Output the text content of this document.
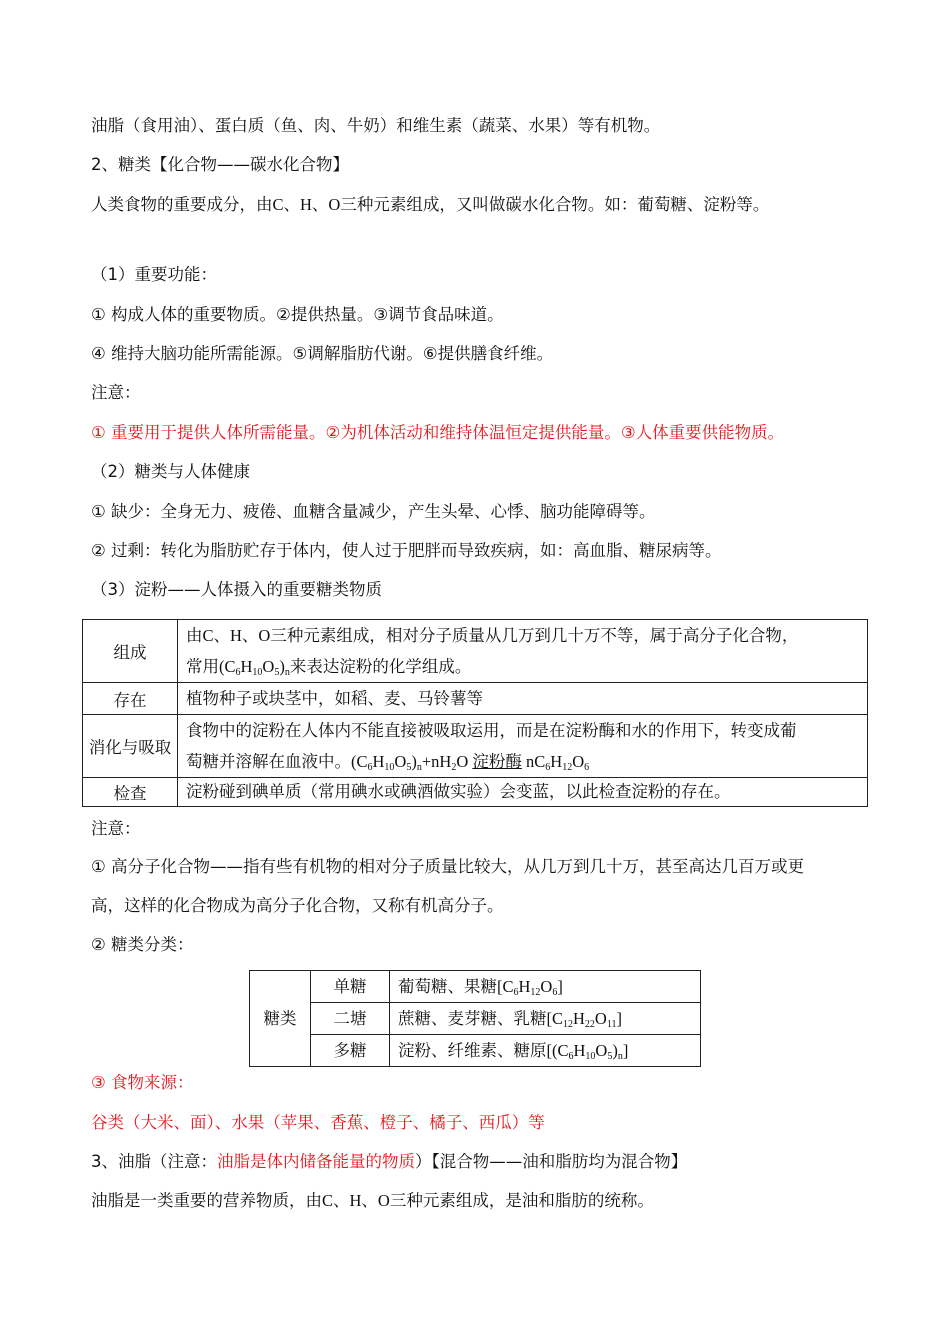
油脂（食用油）、蛋白质（鱼、肉、牛奶）和维生素（蔬菜、水果）等有机物。
2、糖类【化合物——碳水化合物】
人类食物的重要成分，由C、H、O三种元素组成，又叫做碳水化合物。如：葡萄糖、淀粉等。
（1）重要功能：
① 构成人体的重要物质。②提供热量。③调节食品味道。
④ 维持大脑功能所需能源。⑤调解脂肪代谢。⑥提供膳食纤维。
注意：
① 重要用于提供人体所需能量。②为机体活动和维持体温恒定提供能量。③人体重要供能物质。
（2）糖类与人体健康
① 缺少：全身无力、疲倦、血糖含量减少，产生头晕、心悸、脑功能障碍等。
② 过剩：转化为脂肪贮存于体内，使人过于肥胖而导致疾病，如：高血脂、糖尿病等。
（3）淀粉——人体摄入的重要糖类物质
组成	由C、H、O三种元素组成，相对分子质量从几万到几十万不等，属于高分子化合物，
常用$(C_6H_{10}O_5)_n$来表达淀粉的化学组成。

存在	植物种子或块茎中，如稻、麦、马铃薯等
消化与吸取	食物中的淀粉在人体内不能直接被吸取运用，而是在淀粉酶和水的作用下，转变成葡
萄糖并溶解在血液中。$(C_6H_{10}O_5)_n+nH_2O$ 淀粉酶 $nC_6H_{12}O_6$

检查	淀粉碰到碘单质（常用碘水或碘酒做实验）会变蓝，以此检查淀粉的存在。
注意：
① 高分子化合物——指有些有机物的相对分子质量比较大，从几万到几十万，甚至高达几百万或更
高，这样的化合物成为高分子化合物，又称有机高分子。
② 糖类分类：
糖类	单糖	葡萄糖、果糖$[C_6H_{12}O_6]$
	二塘	蔗糖、麦芽糖、乳糖$[C_{12}H_{22}O_{11}]$
	多糖	淀粉、纤维素、糖原$[(C_6H_{10}O_5)_n]$
③ 食物来源：
谷类（大米、面）、水果（苹果、香蕉、橙子、橘子、西瓜）等
3、油脂（注意：油脂是体内储备能量的物质）【混合物——油和脂肪均为混合物】
油脂是一类重要的营养物质，由C、H、O三种元素组成，是油和脂肪的统称。
